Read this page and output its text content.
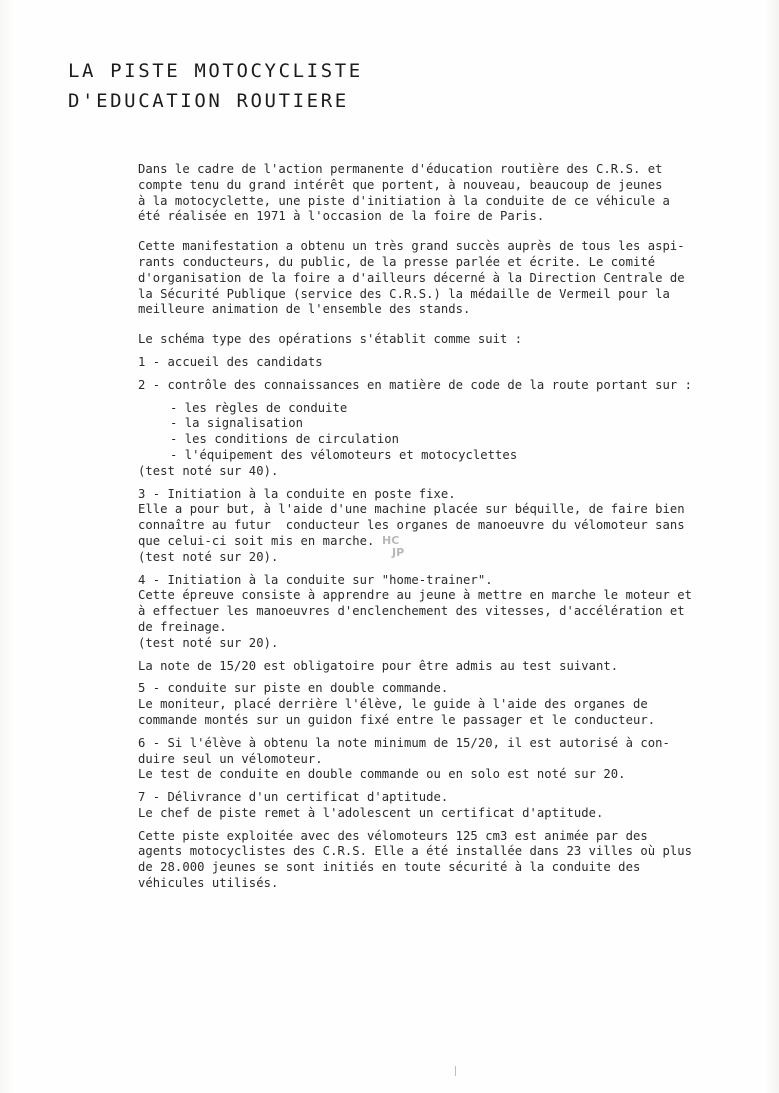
LA PISTE MOTOCYCLISTE
D'EDUCATION ROUTIERE
Dans le cadre de l'action permanente d'éducation routière des C.R.S. et
compte tenu du grand intérêt que portent, à nouveau, beaucoup de jeunes
à la motocyclette, une piste d'initiation à la conduite de ce véhicule a
été réalisée en 1971 à l'occasion de la foire de Paris.
Cette manifestation a obtenu un très grand succès auprès de tous les aspi-
rants conducteurs, du public, de la presse parlée et écrite. Le comité
d'organisation de la foire a d'ailleurs décerné à la Direction Centrale de
la Sécurité Publique (service des C.R.S.) la médaille de Vermeil pour la
meilleure animation de l'ensemble des stands.
Le schéma type des opérations s'établit comme suit :
1 - accueil des candidats
2 - contrôle des connaissances en matière de code de la route portant sur :
- les règles de conduite
- la signalisation
- les conditions de circulation
- l'équipement des vélomoteurs et motocyclettes
(test noté sur 40).
3 - Initiation à la conduite en poste fixe.
Elle a pour but, à l'aide d'une machine placée sur béquille, de faire bien
connaître au futur  conducteur les organes de manoeuvre du vélomoteur sans
que celui-ci soit mis en marche.
(test noté sur 20).
4 - Initiation à la conduite sur "home-trainer".
Cette épreuve consiste à apprendre au jeune à mettre en marche le moteur et
à effectuer les manoeuvres d'enclenchement des vitesses, d'accélération et
de freinage.
(test noté sur 20).
La note de 15/20 est obligatoire pour être admis au test suivant.
5 - conduite sur piste en double commande.
Le moniteur, placé derrière l'élève, le guide à l'aide des organes de
commande montés sur un guidon fixé entre le passager et le conducteur.
6 - Si l'élève à obtenu la note minimum de 15/20, il est autorisé à con-
duire seul un vélomoteur.
Le test de conduite en double commande ou en solo est noté sur 20.
7 - Délivrance d'un certificat d'aptitude.
Le chef de piste remet à l'adolescent un certificat d'aptitude.
Cette piste exploitée avec des vélomoteurs 125 cm3 est animée par des
agents motocyclistes des C.R.S. Elle a été installée dans 23 villes où plus
de 28.000 jeunes se sont initiés en toute sécurité à la conduite des
véhicules utilisés.
HC
JP
